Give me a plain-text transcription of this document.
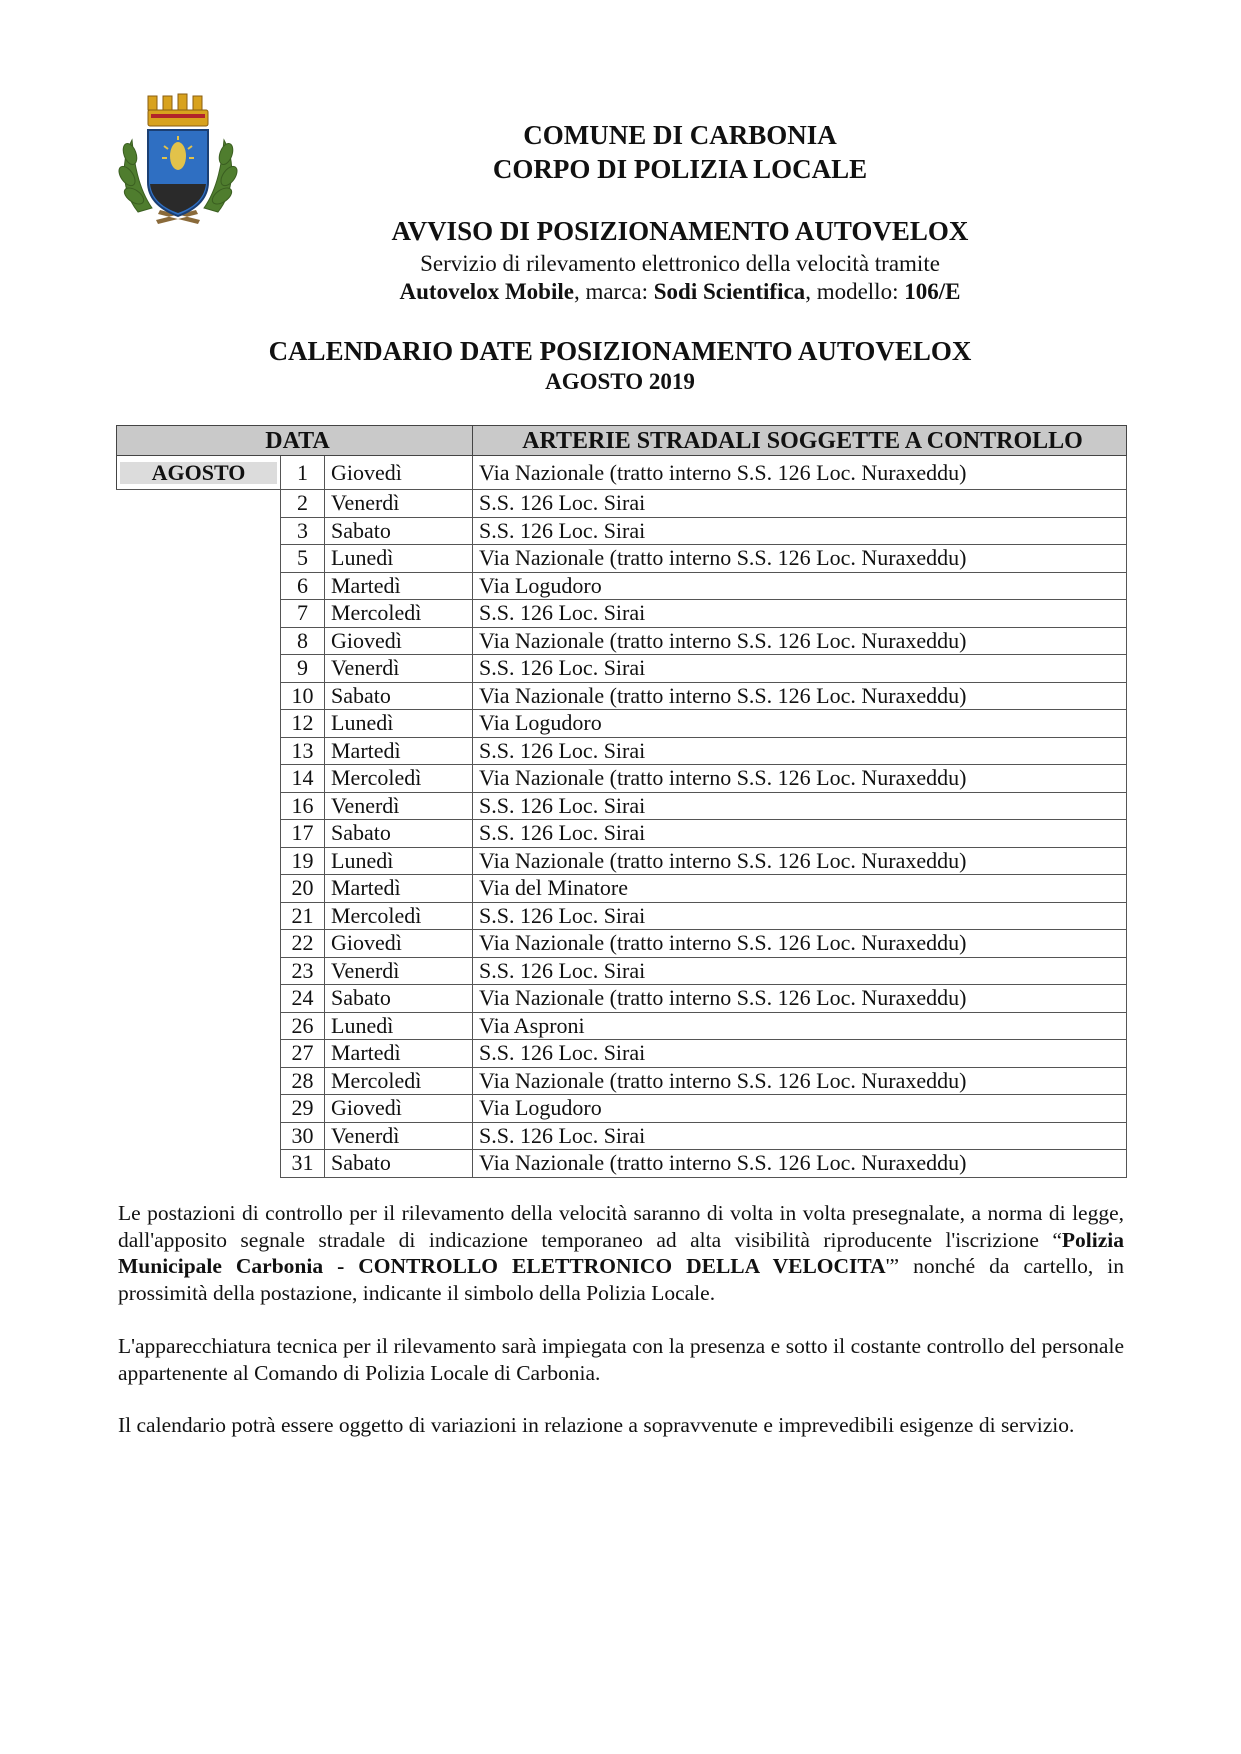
COMUNE DI CARBONIA
CORPO DI POLIZIA LOCALE
AVVISO DI POSIZIONAMENTO AUTOVELOX
Servizio di rilevamento elettronico della velocità tramite
Autovelox Mobile, marca: Sodi Scientifica, modello: 106/E
CALENDARIO DATE POSIZIONAMENTO AUTOVELOX
AGOSTO 2019
DATA			ARTERIE STRADALI SOGGETTE A CONTROLLO

AGOSTO	1	Giovedì	Via Nazionale (tratto interno S.S. 126 Loc. Nuraxeddu)
	2	Venerdì	S.S. 126 Loc. Sirai
	3	Sabato	S.S. 126 Loc. Sirai
	5	Lunedì	Via Nazionale (tratto interno S.S. 126 Loc. Nuraxeddu)
	6	Martedì	Via Logudoro
	7	Mercoledì	S.S. 126 Loc. Sirai
	8	Giovedì	Via Nazionale (tratto interno S.S. 126 Loc. Nuraxeddu)
	9	Venerdì	S.S. 126 Loc. Sirai
	10	Sabato	Via Nazionale (tratto interno S.S. 126 Loc. Nuraxeddu)
	12	Lunedì	Via Logudoro
	13	Martedì	S.S. 126 Loc. Sirai
	14	Mercoledì	Via Nazionale (tratto interno S.S. 126 Loc. Nuraxeddu)
	16	Venerdì	S.S. 126 Loc. Sirai
	17	Sabato	S.S. 126 Loc. Sirai
	19	Lunedì	Via Nazionale (tratto interno S.S. 126 Loc. Nuraxeddu)
	20	Martedì	Via del Minatore
	21	Mercoledì	S.S. 126 Loc. Sirai
	22	Giovedì	Via Nazionale (tratto interno S.S. 126 Loc. Nuraxeddu)
	23	Venerdì	S.S. 126 Loc. Sirai
	24	Sabato	Via Nazionale (tratto interno S.S. 126 Loc. Nuraxeddu)
	26	Lunedì	Via Asproni
	27	Martedì	S.S. 126 Loc. Sirai
	28	Mercoledì	Via Nazionale (tratto interno S.S. 126 Loc. Nuraxeddu)
	29	Giovedì	Via Logudoro
	30	Venerdì	S.S. 126 Loc. Sirai
	31	Sabato	Via Nazionale (tratto interno S.S. 126 Loc. Nuraxeddu)

Le postazioni di controllo per il rilevamento della velocità saranno di volta in volta presegnalate, a norma di legge, dall'apposito segnale stradale di indicazione temporaneo ad alta visibilità riproducente l'iscrizione “Polizia Municipale Carbonia - CONTROLLO ELETTRONICO DELLA VELOCITA'” nonché da cartello, in prossimità della postazione, indicante il simbolo della Polizia Locale.

L'apparecchiatura tecnica per il rilevamento sarà impiegata con la presenza e sotto il costante controllo del personale appartenente al Comando di Polizia Locale di Carbonia.

Il calendario potrà essere oggetto di variazioni in relazione a sopravvenute e imprevedibili esigenze di servizio.
